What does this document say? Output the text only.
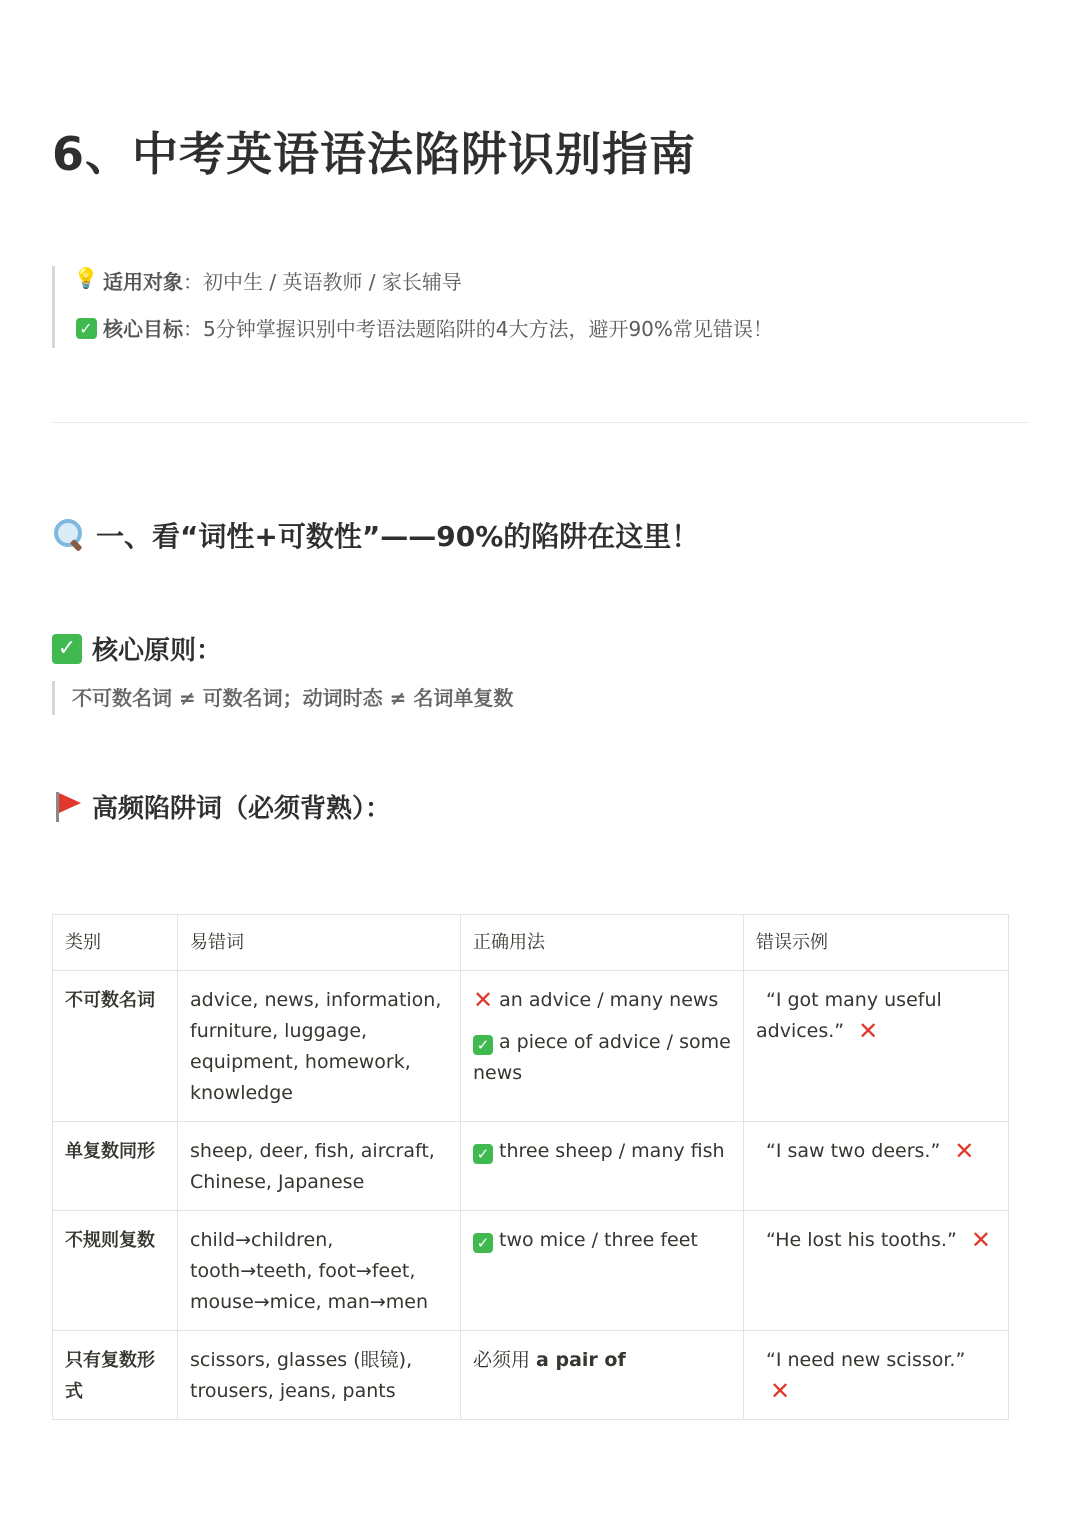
6、中考英语语法陷阱识别指南
💡 适用对象 ：初中生 / 英语教师 / 家长辅导
✓ 核心目标 ：5分钟掌握识别中考语法题陷阱的4大方法，避开90%常见错误！
一、看“词性+可数性”——90%的陷阱在这里！
✓ 核心原则：
不可数名词 ≠ 可数名词；动词时态 ≠ 名词单复数
高频陷阱词（必须背熟）：
类别	易错词	正确用法	错误示例
不可数名词	advice, news, information, furniture, luggage, equipment, homework, knowledge	✕ an advice / many news
✓ a piece of advice / some news	“I got many useful advices.” ✕
单复数同形	sheep, deer, fish, aircraft, Chinese, Japanese	✓ three sheep / many fish	“I saw two deers.” ✕
不规则复数	child→children, tooth→teeth, foot→feet, mouse→mice, man→men	✓ two mice / three feet	“He lost his tooths.” ✕
只有复数形式	scissors, glasses (眼镜), trousers, jeans, pants	必须用 a pair of	“I need new scissor.”✕
